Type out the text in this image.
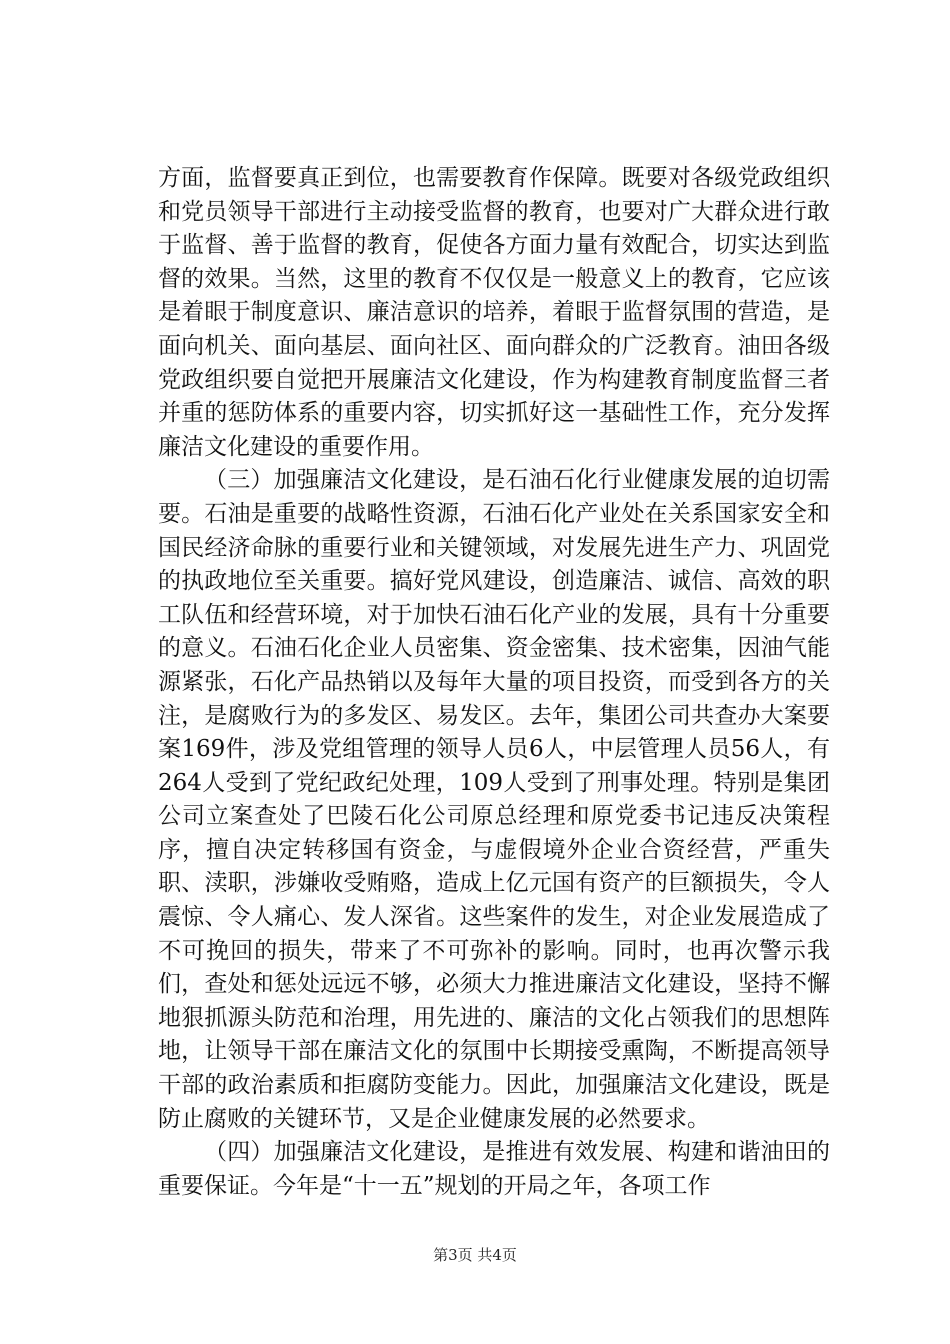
方面，监督要真正到位，也需要教育作保障。既要对各级党政组织和党员领导干部进行主动接受监督的教育，也要对广大群众进行敢于监督、善于监督的教育，促使各方面力量有效配合，切实达到监督的效果。当然，这里的教育不仅仅是一般意义上的教育，它应该是着眼于制度意识、廉洁意识的培养，着眼于监督氛围的营造，是面向机关、面向基层、面向社区、面向群众的广泛教育。油田各级党政组织要自觉把开展廉洁文化建设，作为构建教育制度监督三者并重的惩防体系的重要内容，切实抓好这一基础性工作，充分发挥廉洁文化建设的重要作用。

（三）加强廉洁文化建设，是石油石化行业健康发展的迫切需要。石油是重要的战略性资源，石油石化产业处在关系国家安全和国民经济命脉的重要行业和关键领域，对发展先进生产力、巩固党的执政地位至关重要。搞好党风建设，创造廉洁、诚信、高效的职工队伍和经营环境，对于加快石油石化产业的发展，具有十分重要的意义。石油石化企业人员密集、资金密集、技术密集，因油气能源紧张，石化产品热销以及每年大量的项目投资，而受到各方的关注，是腐败行为的多发区、易发区。去年，集团公司共查办大案要案169件，涉及党组管理的领导人员6人，中层管理人员56人，有264人受到了党纪政纪处理，109人受到了刑事处理。特别是集团公司立案查处了巴陵石化公司原总经理和原党委书记违反决策程序，擅自决定转移国有资金，与虚假境外企业合资经营，严重失职、渎职，涉嫌收受贿赂，造成上亿元国有资产的巨额损失，令人震惊、令人痛心、发人深省。这些案件的发生，对企业发展造成了不可挽回的损失，带来了不可弥补的影响。同时，也再次警示我们，查处和惩处远远不够，必须大力推进廉洁文化建设，坚持不懈地狠抓源头防范和治理，用先进的、廉洁的文化占领我们的思想阵地，让领导干部在廉洁文化的氛围中长期接受熏陶，不断提高领导干部的政治素质和拒腐防变能力。因此，加强廉洁文化建设，既是防止腐败的关键环节，又是企业健康发展的必然要求。

（四）加强廉洁文化建设，是推进有效发展、构建和谐油田的重要保证。今年是“十一五”规划的开局之年，各项工作

第3页 共4页
